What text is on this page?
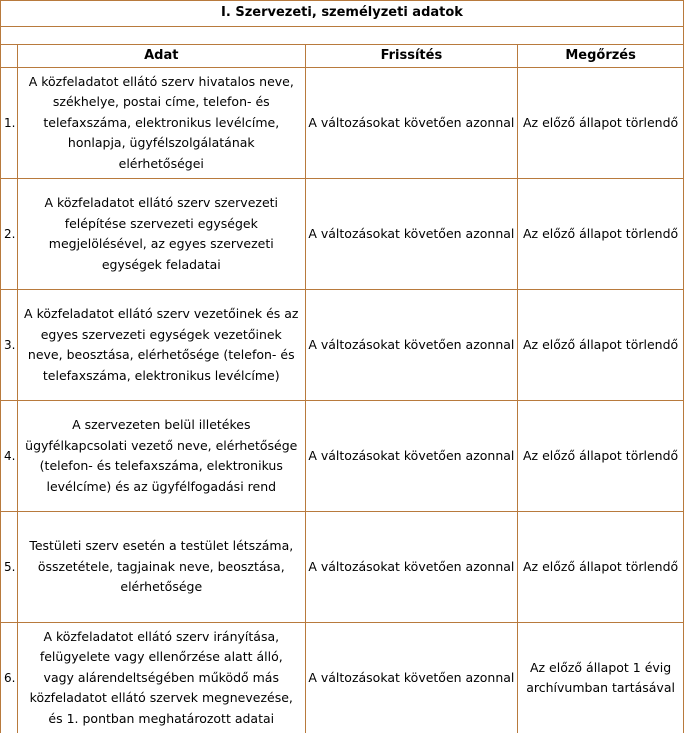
I. Szervezeti, személyzeti adatok			

	Adat	Frissítés	Megőrzés
1.	A közfeladatot ellátó szerv hivatalos neve, székhelye, postai címe, telefon- és telefaxszáma, elektronikus levélcíme, honlapja, ügyfélszolgálatának elérhetőségei	A változásokat követően azonnal	Az előző állapot törlendő
2.	A közfeladatot ellátó szerv szervezeti felépítése szervezeti egységek megjelölésével, az egyes szervezeti egységek feladatai	A változásokat követően azonnal	Az előző állapot törlendő
3.	A közfeladatot ellátó szerv vezetőinek és az egyes szervezeti egységek vezetőinek neve, beosztása, elérhetősége (telefon- és telefaxszáma, elektronikus levélcíme)	A változásokat követően azonnal	Az előző állapot törlendő
4.	A szervezeten belül illetékes ügyfélkapcsolati vezető neve, elérhetősége (telefon- és telefaxszáma, elektronikus levélcíme) és az ügyfélfogadási rend	A változásokat követően azonnal	Az előző állapot törlendő
5.	Testületi szerv esetén a testület létszáma, összetétele, tagjainak neve, beosztása, elérhetősége	A változásokat követően azonnal	Az előző állapot törlendő
6.	A közfeladatot ellátó szerv irányítása, felügyelete vagy ellenőrzése alatt álló, vagy alárendeltségében működő más közfeladatot ellátó szervek megnevezése, és 1. pontban meghatározott adatai	A változásokat követően azonnal	Az előző állapot 1 évig archívumban tartásával
